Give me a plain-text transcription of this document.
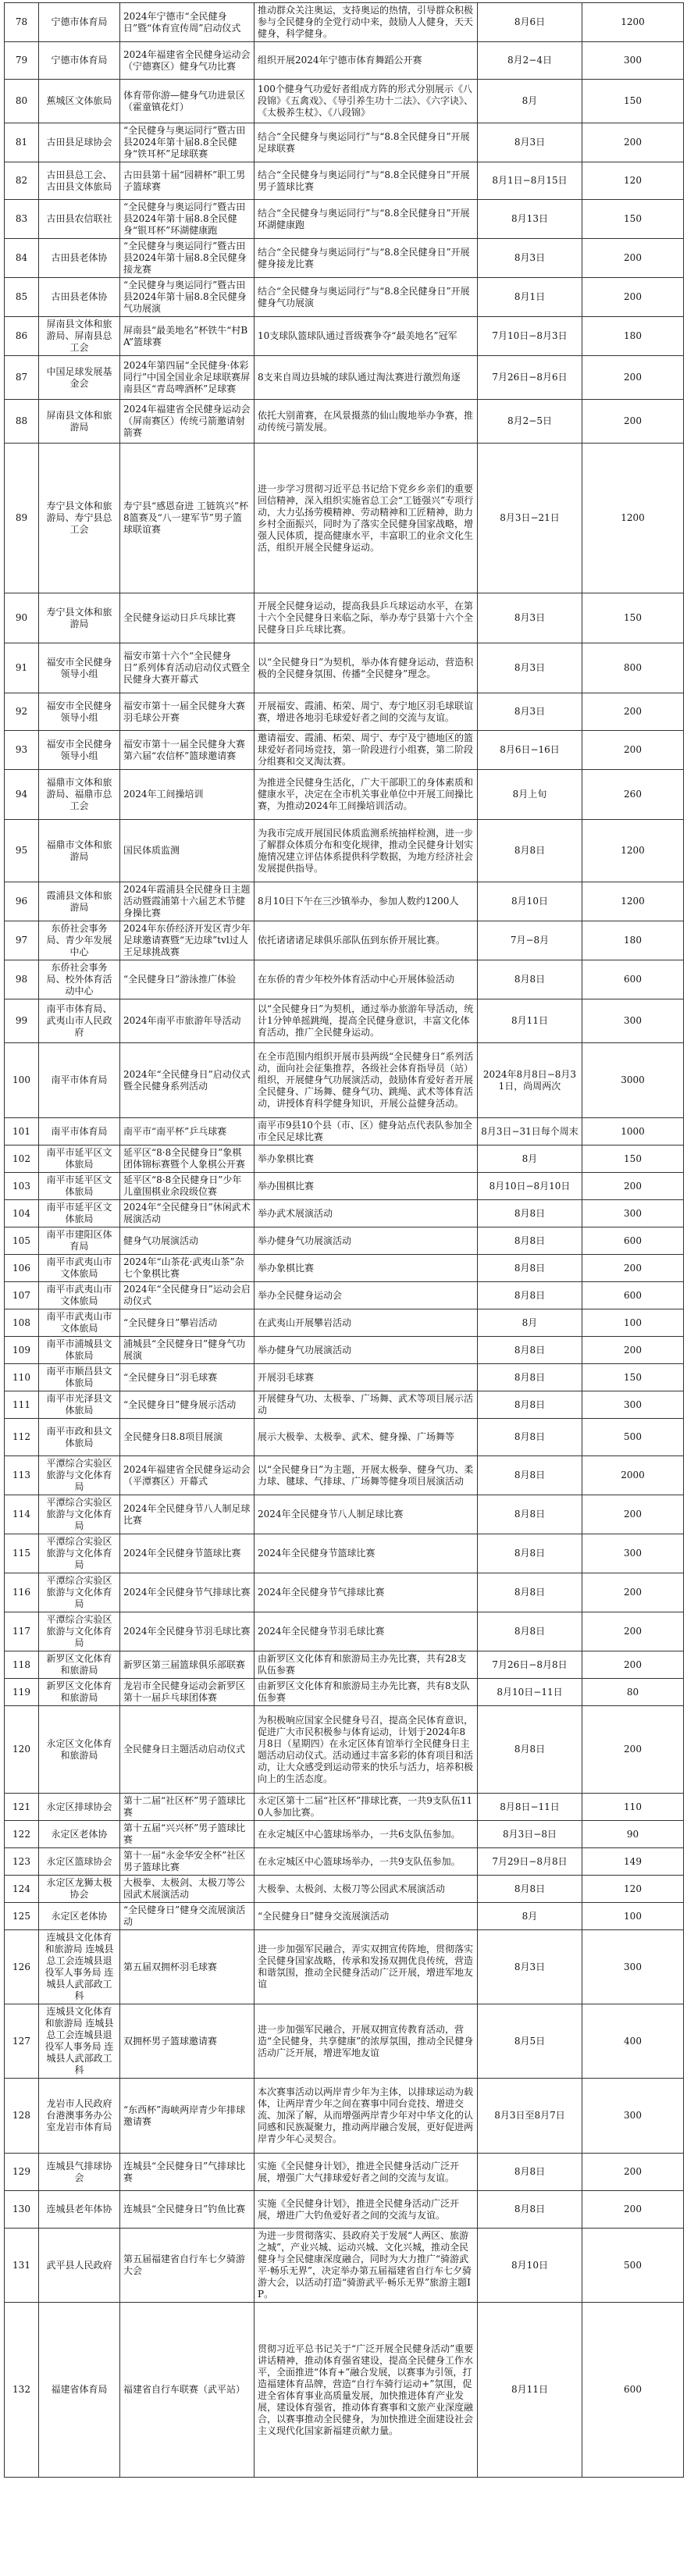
78	宁德市体育局	2024年宁德市“全民健身日”暨“体育宣传周”启动仪式	推动群众关注奥运，支持奥运的热情，引导群众积极参与全民健身的全党行动中来，鼓励人人健身，天天健身，科学健身。	8月6日	1200
79	宁德市体育局	2024年福建省全民健身运动会（宁德赛区）健身气功比赛	组织开展2024年宁德市体育舞蹈公开赛	8月2−4日	300
80	蕉城区文体旅局	体育带你游—健身气功进景区（霍童镇花灯）	100个健身气功爱好者组成方阵的形式分别展示《八段锦》《五禽戏》、《导引养生功十二法》、《六字诀》、《太极养生杖》、《八段锦》	8月	150
81	古田县足球协会	“全民健身与奥运同行”暨古田县2024年第十届8.8全民健身“铁耳杯”足球联赛	结合“全民健身与奥运同行”与“8.8全民健身日”开展足球联赛	8月3日	200
82	古田县总工会、古田县文体旅局	古田县第十届“园耕杯”职工男子篮球赛	结合“全民健身与奥运同行”与“8.8全民健身日”开展男子篮球比赛	8月1日−8月15日	120
83	古田县农信联社	“全民健身与奥运同行”暨古田县2024年第十届8.8全民健身“银耳杯”环湖健康跑	结合“全民健身与奥运同行”与“8.8全民健身日”开展环湖健康跑	8月13日	150
84	古田县老体协	“全民健身与奥运同行”暨古田县2024年第十届8.8全民健身接龙赛	结合“全民健身与奥运同行”与“8.8全民健身日”开展健身接龙比赛	8月3日	200
85	古田县老体协	“全民健身与奥运同行”暨古田县2024年第十届8.8全民健身气功展演	结合“全民健身与奥运同行”与“8.8全民健身日”开展健身气功展演	8月1日	200
86	屏南县文体和旅游局、屏南县总工会	屏南县“最美地名”杯铁牛“村BA”篮球赛	10支球队篮球队通过晋级赛争夺“最美地名”冠军	7月10日−8月3日	180
87	中国足球发展基金会	2024年第四届“全民健身·体彩同行”中国全国业余足球联赛屏南县区“青岛啤酒杯”足球赛	8支来自周边县城的球队通过淘汰赛进行激烈角逐	7月26日−8月6日	200
88	屏南县文体和旅游局	2024年福建省全民健身运动会（屏南赛区）传统弓箭邀请射箭赛	依托大别莆赛，在风景摄蒸的仙山腹地举办争赛，推动传统弓箭发展。	8月2−5日	200
89	寿宁县文体和旅游局、寿宁县总工会	寿宁县“感恩奋进 工链筑兴”杯8篮赛及“八一建军节”男子篮球联谊赛	进一步学习贯彻习近平总书记给下党乡乡亲们的重要回信精神，深入组织实施省总工会“工链强兴”专项行动，大力弘扬劳模精神、劳动精神和工匠精神，助力乡村全面振兴，同时为了落实全民健身国家战略，增强人民体质，提高健康水平，丰富职工的业余文化生活，组织开展全民健身运动。	8月3日−21日	1200
90	寿宁县文体和旅游局	全民健身运动日乒乓球比赛	开展全民健身运动，提高我县乒乓球运动水平，在第十六个全民健身日来临之际，举办寿宁县第十六个全民健身日乒乓球比赛。	8月3日	150
91	福安市全民健身领导小组	福安市第十六个“全民健身日”系列体育活动启动仪式暨全民健身大赛开幕式	以“全民健身日”为契机，举办体育健身运动，营造积极的全民健身氛围、传播“全民健身”理念。	8月3日	800
92	福安市全民健身领导小组	福安市第十一届全民健身大赛羽毛球公开赛	开展福安、霞浦、柘荣、周宁、寿宁地区羽毛球联谊赛，增进各地羽毛球爱好者之间的交流与友谊。	8月3日	200
93	福安市全民健身领导小组	福安市第十一届全民健身大赛第六届“农信杯”篮球邀请赛	邀请福安、霞浦、柘荣、周宁、寿宁及宁德地区的篮球爱好者同场竞技，第一阶段进行小组赛，第二阶段分组赛和交叉淘汰赛。	8月6日−16日	200
94	福鼎市文体和旅游局、福鼎市总工会	2024年工间操培训	为推进全民健身生活化，广大干部职工的身体素质和健康水平，决定在全市机关事业单位中开展工间操比赛，为推动2024年工间操培训活动。	8月上旬	260
95	福鼎市文体和旅游局	国民体质监测	为我市完成开展国民体质监测系统抽样检测，进一步了解群众体质分布和变化规律，推动全民健身计划实施情况建立评估体系提供科学数据，为地方经济社会发展提供指导。	8月8日	1200
96	霞浦县文体和旅游局	2024年霞浦县全民健身日主题活动暨霞浦第十六届艺术节健身操比赛	8月10日下午在三沙镇举办，参加人数约1200人	8月10日	1200
97	东侨社会事务局、青少年发展中心	2024年东侨经济开发区青少年足球邀请赛暨“无边球”tvl过人王足球挑战赛	依托诸诸诸足球俱乐部队伍到东侨开展比赛。	7月−8月	180
98	东侨社会事务局、校外体育活动中心	“全民健身日”游泳推广体验	在东侨的青少年校外体育活动中心开展体验活动	8月8日	600
99	南平市体育局、武夷山市人民政府	2024年南平市旅游年导活动	以“全民健身日”为契机，通过举办旅游年导活动，统计1分钟单摇跳绳，提高全民健身意识，丰富文化体育活动，推广全民健身运动。	8月11日	300
100	南平市体育局	2024年“全民健身日”启动仪式暨全民健身系列活动	在全市范围内组织开展市县两级“全民健身日”系列活动，面向社会征集推荐，各级社会体育指导员（站）组织，开展健身气功展演活动，鼓励体育爱好者开展全民健身、广场舞、健身气功、跳绳、武术等体育活动，讲授体育科学健身知识，开展公益健身活动。	2024年8月8日−8月31日，尚周两次	3000
101	南平市体育局	南平市“南平杯”乒乓球赛	南平市9县10个县（市、区）健身站点代表队参加全市全民足球比赛	8月3日−31日每个周末	1000
102	南平市延平区文体旅局	延平区“8·8全民健身日”象棋团体锦标赛暨个人象棋公开赛	举办象棋比赛	8月	150
103	南平市延平区文体旅局	延平区“8·8全民健身日”少年儿童围棋业余段级位赛	举办围棋比赛	8月10日−8月10日	200
104	南平市延平区文体旅局	2024年“全民健身日”休闲武术展演活动	举办武术展演活动	8月8日	300
105	南平市建阳区体育局	健身气功展演活动	举办健身气功展演活动	8月8日	600
106	南平市武夷山市文体旅局	2024年“山茶花·武夷山茶”杂七个象棋比赛	举办象棋比赛	8月8日	200
107	南平市武夷山市文体旅局	2024年“全民健身日”运动会启动仪式	举办全民健身运动会	8月8日	600
108	南平市武夷山市文体旅局	“全民健身日”攀岩活动	在武夷山开展攀岩活动	8月	100
109	南平市浦城县文体旅局	浦城县“全民健身日”健身气功展演	举办健身气功展演活动	8月8日	200
110	南平市顺昌县文体旅局	“全民健身日”羽毛球赛	开展羽毛球赛	8月8日	150
111	南平市光泽县文体旅局	“全民健身日”健身展示活动	开展健身气功、太极拳、广场舞、武术等项目展示活动	8月8日	300
112	南平市政和县文体旅局	全民健身日8.8项目展演	展示大极拳、太极拳、武术、健身操、广场舞等	8月8日	500
113	平潭综合实验区旅游与文化体育局	2024年福建省全民健身运动会（平潭赛区）开幕式	以“全民健身日”为主题，开展太极拳、健身气功、柔力球、毽球、气排球、广场舞等健身项目展演活动	8月8日	2000
114	平潭综合实验区旅游与文化体育局	2024年全民健身节八人制足球比赛	2024年全民健身节八人制足球比赛	8月8日	200
115	平潭综合实验区旅游与文化体育局	2024年全民健身节篮球比赛	2024年全民健身节篮球比赛	8月8日	300
116	平潭综合实验区旅游与文化体育局	2024年全民健身节气排球比赛	2024年全民健身节气排球比赛	8月8日	200
117	平潭综合实验区旅游与文化体育局	2024年全民健身节羽毛球比赛	2024年全民健身节羽毛球比赛	8月8日	200
118	新罗区文化体育和旅游局	新罗区第三届篮球俱乐部联赛	由新罗区文化体育和旅游局主办先比赛，共有28支队伍参赛	7月26日−8月8日	200
119	新罗区文化体育和旅游局	龙岩市全民健身运动会新罗区第十一届乒乓球团体赛	由新罗区文化体育和旅游局主办先比赛，共有8支队伍参赛	8月10日−11日	80
120	永定区文化体育和旅游局	全民健身日主题活动启动仪式	为积极响应国家全民健身号召，提高全民体育意识，促进广大市民积极参与体育运动，计划于2024年8月8日（星期四）在永定区体育馆举行全民健身日主题活动启动仪式。活动通过丰富多彩的体育项目和活动，让大众感受到运动带来的快乐与活力，培养积极向上的生活态度。	8月8日	200
121	永定区排球协会	第十二届“社区杯”男子篮球比赛	永定区第十二届“社区杯”排球比赛，一共9支队伍110人参加比赛。	8月8日−11日	110
122	永定区老体协	第十五届“兴兴杯”男子篮球比赛	在永定城区中心篮球场举办，一共6支队伍参加。	8月3日−8日	90
123	永定区篮球协会	第十一届“永金华安全杯”社区男子篮球比赛	在永定城区中心篮球场举办，一共9支队伍参加。	7月29日−8月8日	149
124	永定区龙狮太极协会	大极拳、太极剑、太极刀等公园武术展演活动	大极拳、太极剑、太极刀等公园武术展演活动	8月8日	120
125	永定区老体协	“全民健身日”健身交流展演活动	“全民健身日”健身交流展演活动	8月	100
126	连城县文化体育和旅游局 连城县总工会连城县退役军人事务局 连城县人武部政工科	第五届双拥杯羽毛球赛	进一步加强军民融合，弄实双拥宣传阵地，贯彻落实全民健身国家战略，传承和发扬双拥优良传统，营造和谐氛围，推动全民健身活动广泛开展，增进军地友谊	8月3日	300
127	连城县文化体育和旅游局 连城县总工会连城县退役军人事务局 连城县人武部政工科	双拥杯男子篮球邀请赛	进一步加强军民融合，开展双拥宣传教育活动，营造“全民健身，共享健康”的浓厚氛围，推动全民健身活动广泛开展，增进军地友谊	8月5日	400
128	龙岩市人民政府台港澳事务办公室龙岩市体育局	“东西杯”海峡两岸青少年排球邀请赛	本次赛事活动以两岸青少年为主体，以排球运动为载体，让两岸青少年之间在赛事中同台竞技、增进交流、加深了解，从而增强两岸青少年对中华文化的认同感和民族凝聚力，推动两岸融合发展，更好促进两岸青少年心灵契合。	8月3日至8月7日	300
129	连城县气排球协会	连城县“全民健身日”气排球比赛	实施《全民健身计划》，推进全民健身活动广泛开展，增强广大气排球爱好者之间的交流与友谊。	8月8日	200
130	连城县老年体协	连城县“全民健身日”钓鱼比赛	实施《全民健身计划》，推进全民健身活动广泛开展，增进广大钓鱼爱好者之间的交流与友谊。	8月8日	200
131	武平县人民政府	第五届福建省自行车七夕骑游大会	为进一步贯彻落实、县政府关于发展“人两区、旅游之城”，产业兴城、运动兴城、文化兴城，推动全民健身与全民健康深度融合，同时为大力推广“骑游武平·畅乐无界”，决定举办第五届福建省自行车七夕骑游大会，以活动打造“骑游武平·畅乐无界”旅游主题IP。	8月10日	500
132	福建省体育局	福建省自行车联赛（武平站）	贯彻习近平总书记关于“广泛开展全民健身活动”重要讲话精神，推动体育强省建设，提高全民健身工作水平，全面推进“体育+”融合发展，以赛事为引领，打造福建体育品牌，营造“自行车骑行运动+”氛围，促进全省体育事业高质量发展，加快推进体育产业发展，建设体育强省，推动体育赛事和文旅产业深度融合，以赛事推动全民健身，为加快推进全面建设社会主义现代化国家新福建贡献力量。	8月11日	600
